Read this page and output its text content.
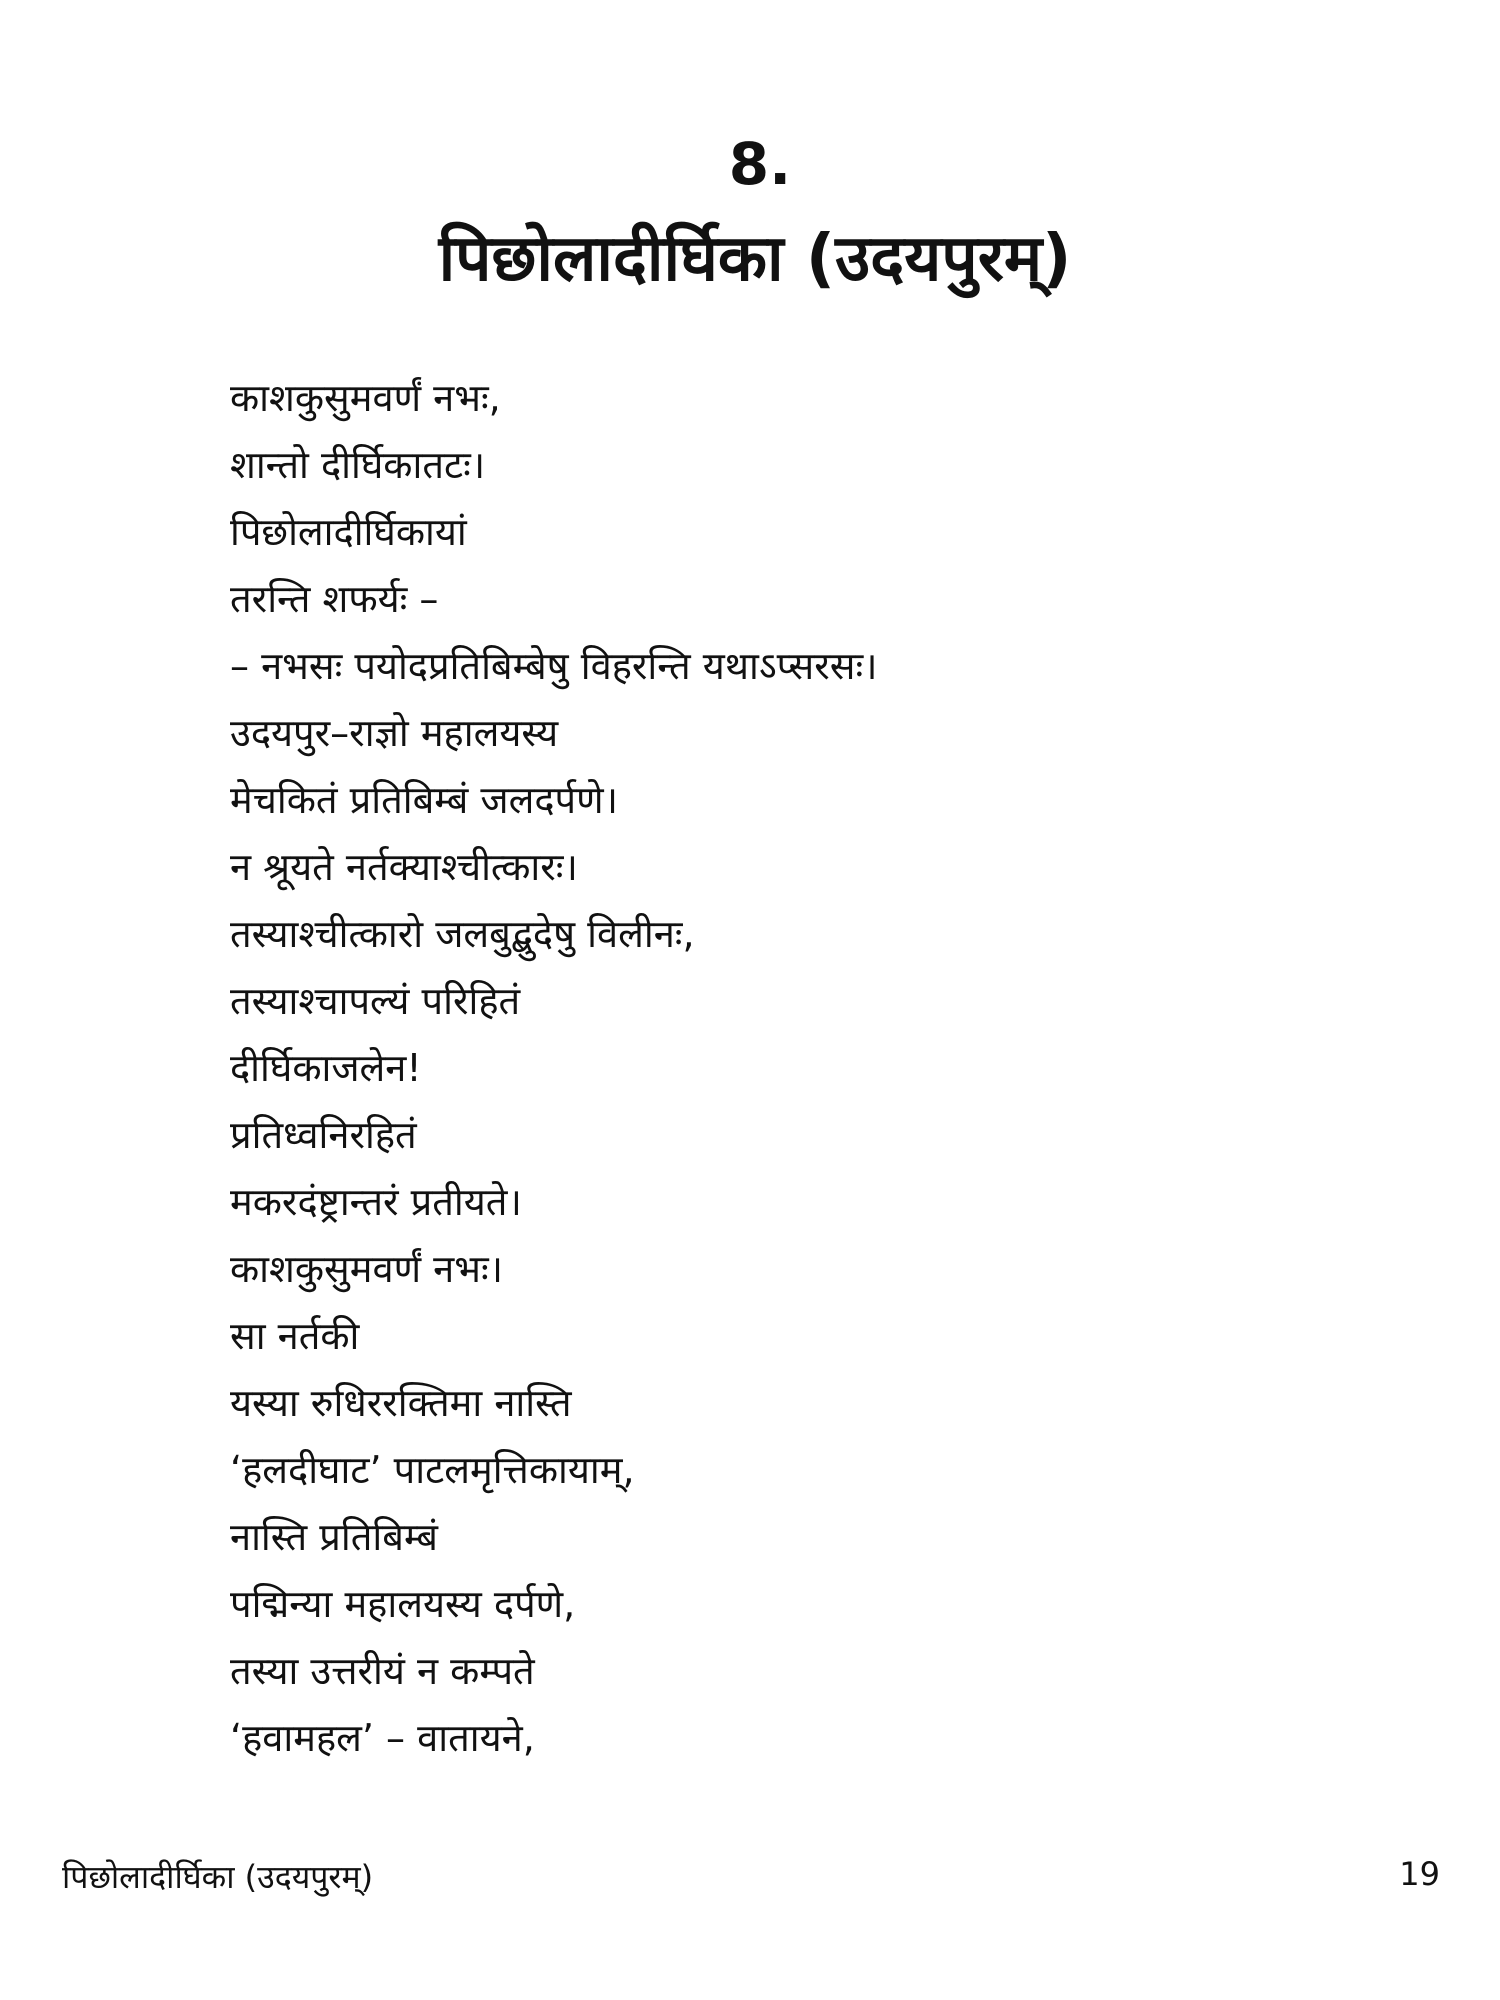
8.
पिछोलादीर्घिका (उदयपुरम्)
काशकुसुमवर्णं नभः,
शान्तो दीर्घिकातटः।
पिछोलादीर्घिकायां
तरन्ति शफर्यः –
– नभसः पयोदप्रतिबिम्बेषु विहरन्ति यथाऽप्सरसः।
उदयपुर–राज्ञो महालयस्य
मेचकितं प्रतिबिम्बं जलदर्पणे।
न श्रूयते नर्तक्याश्चीत्कारः।
तस्याश्चीत्कारो जलबुद्बुदेषु विलीनः,
तस्याश्चापल्यं परिहितं
दीर्घिकाजलेन!
प्रतिध्वनिरहितं
मकरदंष्ट्रान्तरं प्रतीयते।
काशकुसुमवर्णं नभः।
सा नर्तकी
यस्या रुधिररक्तिमा नास्ति
‘हलदीघाट’ पाटलमृत्तिकायाम्,
नास्ति प्रतिबिम्बं
पद्मिन्या महालयस्य दर्पणे,
तस्या उत्तरीयं न कम्पते
‘हवामहल’ – वातायने,
पिछोलादीर्घिका (उदयपुरम्)	19
